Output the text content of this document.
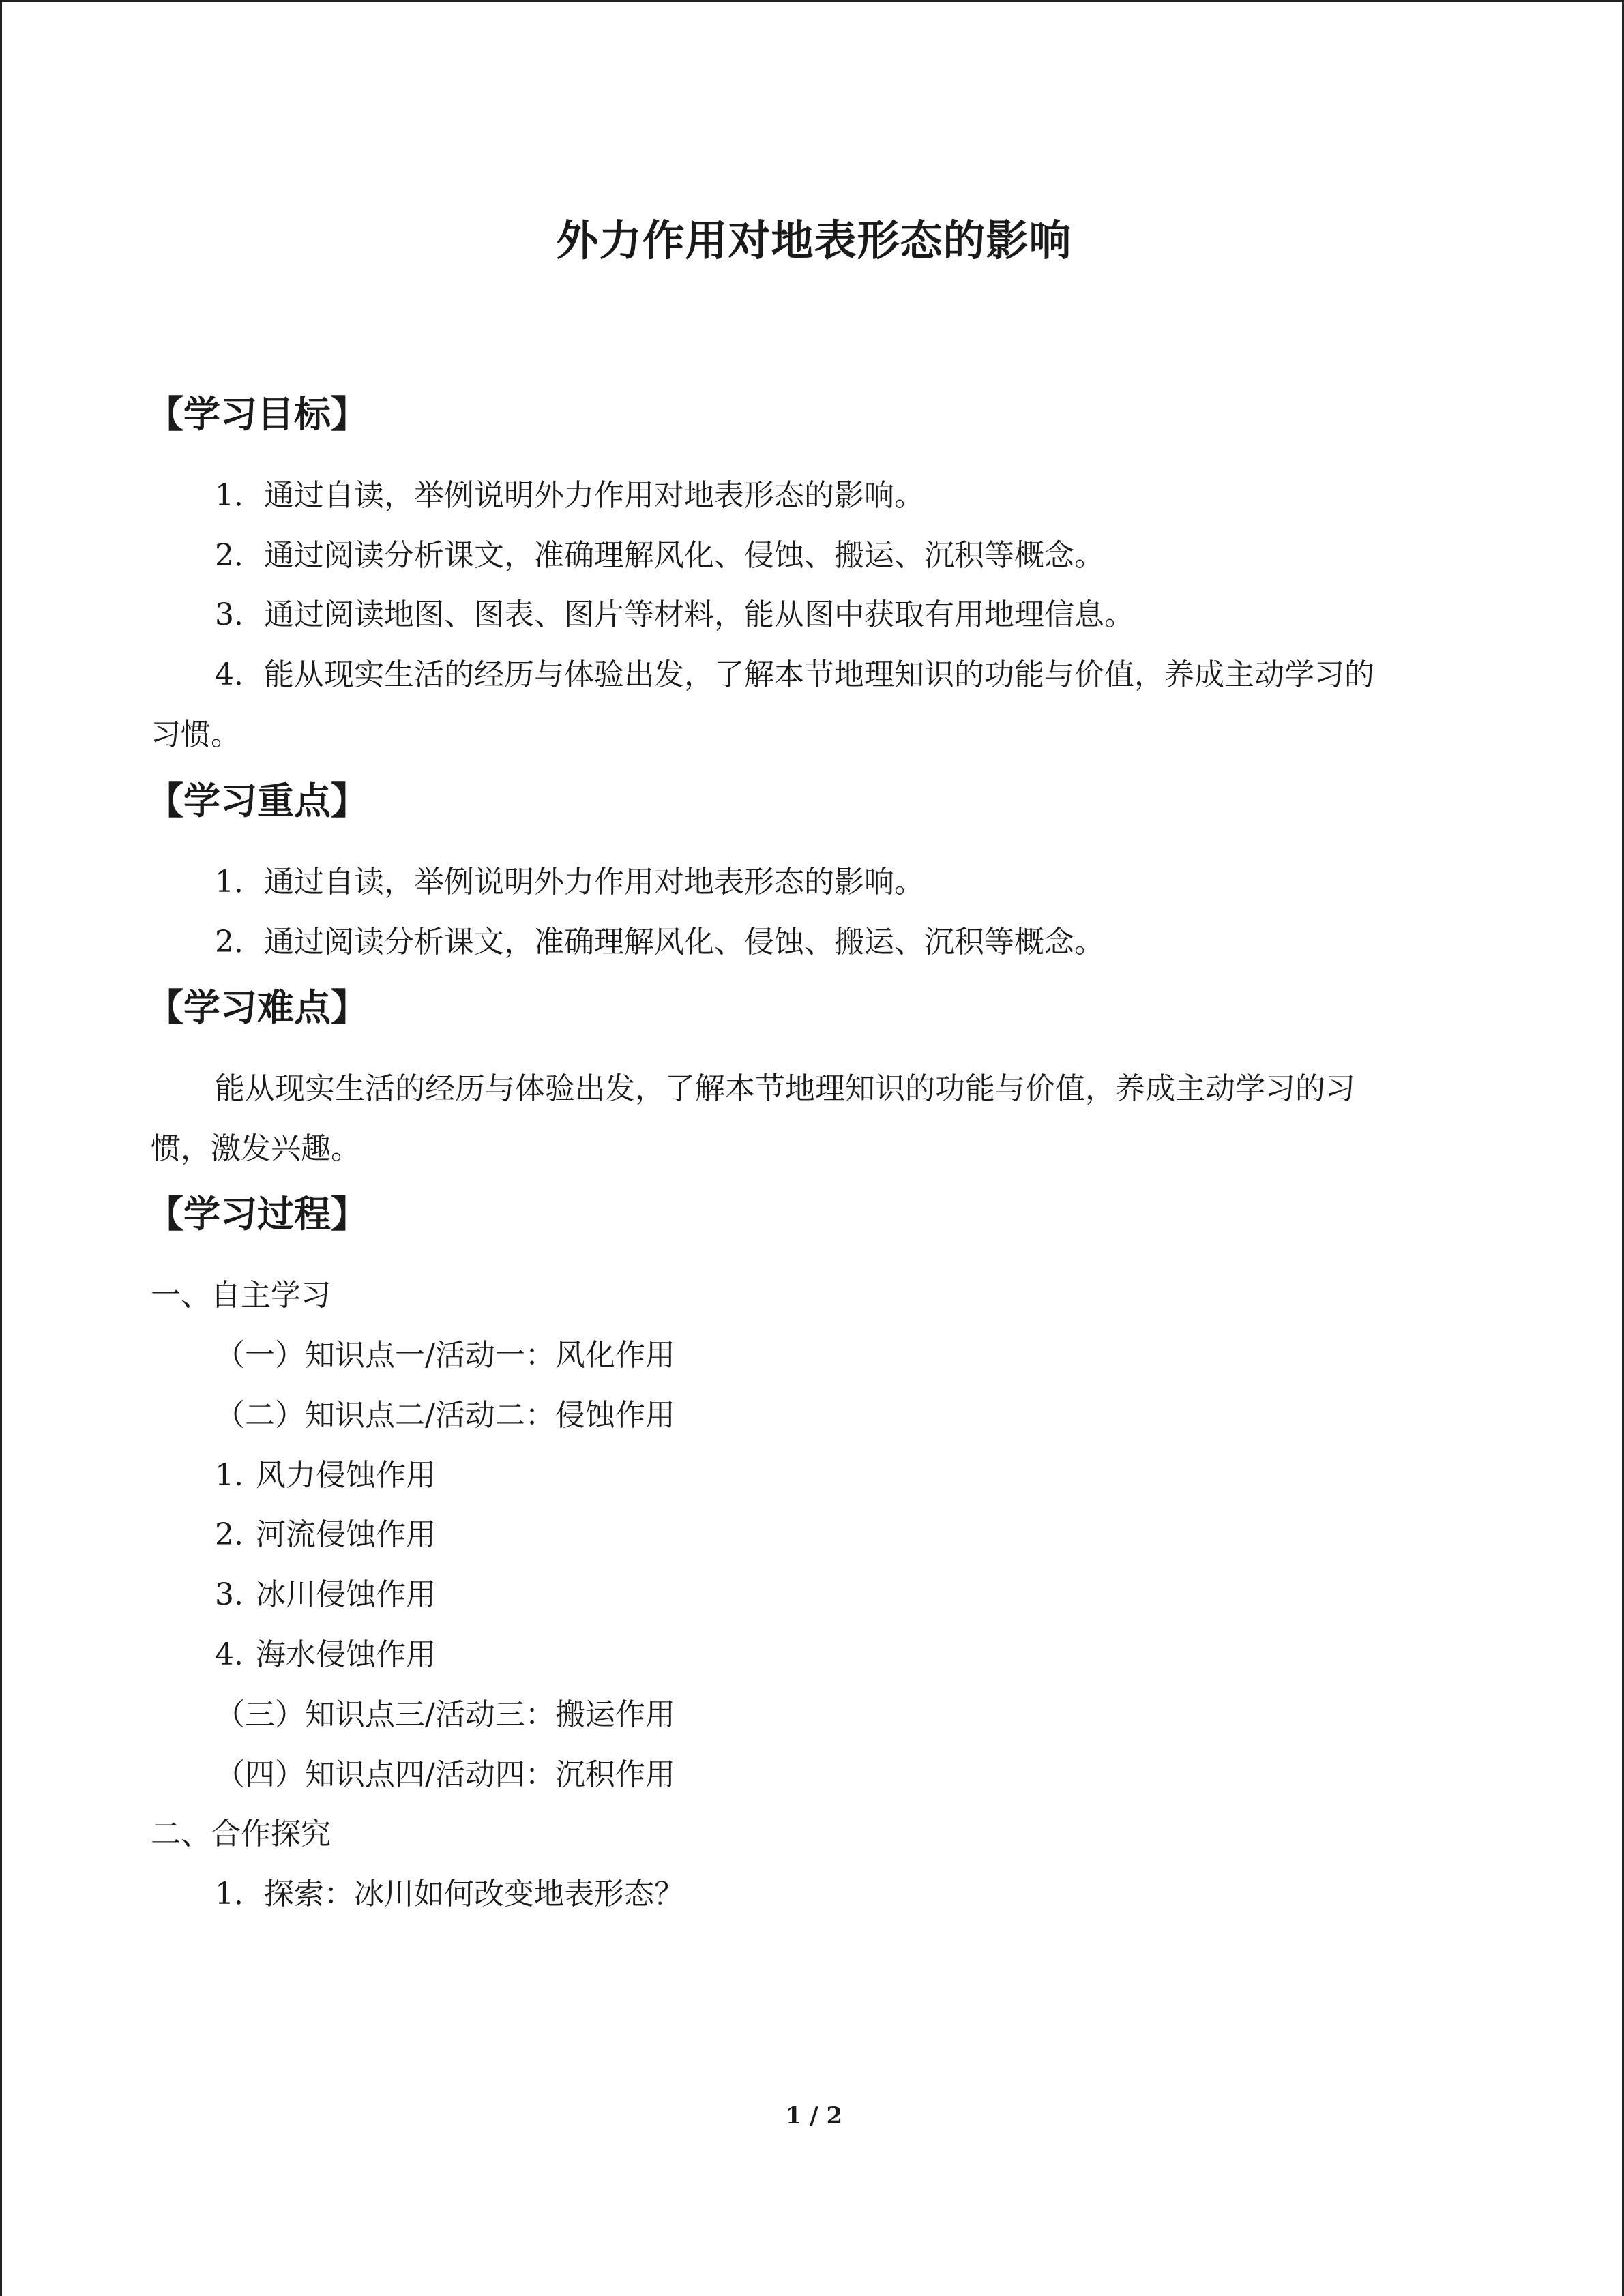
外力作用对地表形态的影响
【学习目标】
1．通过自读，举例说明外力作用对地表形态的影响。
2．通过阅读分析课文，准确理解风化、侵蚀、搬运、沉积等概念。
3．通过阅读地图、图表、图片等材料，能从图中获取有用地理信息。
4．能从现实生活的经历与体验出发，了解本节地理知识的功能与价值，养成主动学习的
习惯。
【学习重点】
1．通过自读，举例说明外力作用对地表形态的影响。
2．通过阅读分析课文，准确理解风化、侵蚀、搬运、沉积等概念。
【学习难点】
能从现实生活的经历与体验出发，了解本节地理知识的功能与价值，养成主动学习的习
惯，激发兴趣。
【学习过程】
一、自主学习
（一）知识点一/活动一：风化作用
（二）知识点二/活动二：侵蚀作用
1. 风力侵蚀作用
2. 河流侵蚀作用
3. 冰川侵蚀作用
4. 海水侵蚀作用
（三）知识点三/活动三：搬运作用
（四）知识点四/活动四：沉积作用
二、合作探究
1．探索：冰川如何改变地表形态？
1 / 2
